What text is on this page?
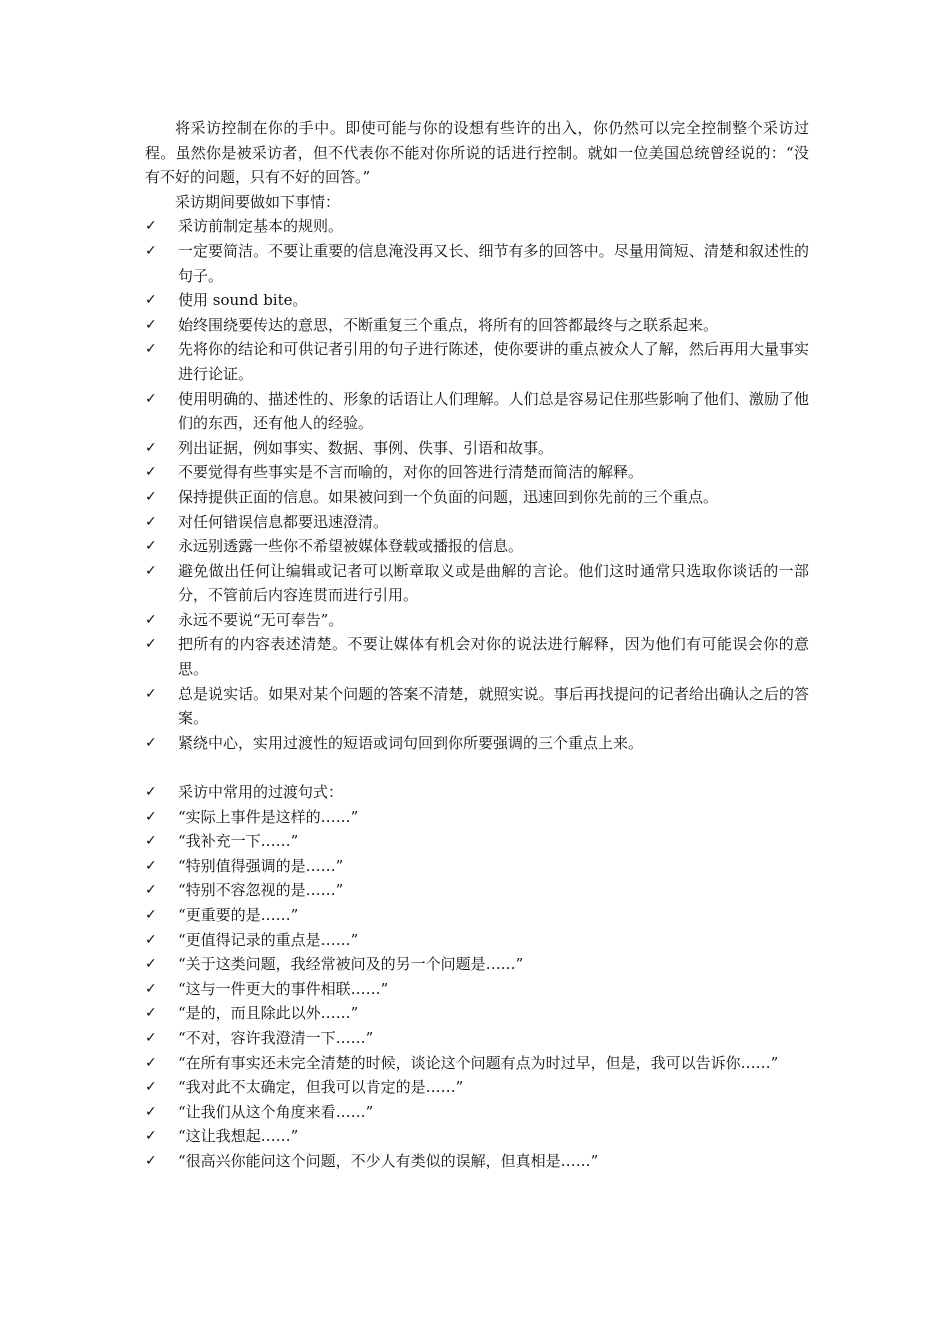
将采访控制在你的手中。即使可能与你的设想有些许的出入，你仍然可以完全控制整个采访过程。虽然你是被采访者，但不代表你不能对你所说的话进行控制。就如一位美国总统曾经说的：“没有不好的问题，只有不好的回答。”

采访期间要做如下事情：

✓	采访前制定基本的规则。
✓	一定要简洁。不要让重要的信息淹没再又长、细节有多的回答中。尽量用简短、清楚和叙述性的句子。
✓	使用 sound bite。
✓	始终围绕要传达的意思，不断重复三个重点，将所有的回答都最终与之联系起来。
✓	先将你的结论和可供记者引用的句子进行陈述，使你要讲的重点被众人了解，然后再用大量事实进行论证。
✓	使用明确的、描述性的、形象的话语让人们理解。人们总是容易记住那些影响了他们、激励了他们的东西，还有他人的经验。
✓	列出证据，例如事实、数据、事例、佚事、引语和故事。
✓	不要觉得有些事实是不言而喻的，对你的回答进行清楚而简洁的解释。
✓	保持提供正面的信息。如果被问到一个负面的问题，迅速回到你先前的三个重点。
✓	对任何错误信息都要迅速澄清。
✓	永远别透露一些你不希望被媒体登载或播报的信息。
✓	避免做出任何让编辑或记者可以断章取义或是曲解的言论。他们这时通常只选取你谈话的一部分，不管前后内容连贯而进行引用。
✓	永远不要说“无可奉告”。
✓	把所有的内容表述清楚。不要让媒体有机会对你的说法进行解释，因为他们有可能误会你的意思。
✓	总是说实话。如果对某个问题的答案不清楚，就照实说。事后再找提问的记者给出确认之后的答案。
✓	紧绕中心，实用过渡性的短语或词句回到你所要强调的三个重点上来。
✓	采访中常用的过渡句式：
✓	“实际上事件是这样的……”
✓	“我补充一下……”
✓	“特别值得强调的是……”
✓	“特别不容忽视的是……”
✓	“更重要的是……”
✓	“更值得记录的重点是……”
✓	“关于这类问题，我经常被问及的另一个问题是……”
✓	“这与一件更大的事件相联……”
✓	“是的，而且除此以外……”
✓	“不对，容许我澄清一下……”
✓	“在所有事实还未完全清楚的时候，谈论这个问题有点为时过早，但是，我可以告诉你……”
✓	“我对此不太确定，但我可以肯定的是……”
✓	“让我们从这个角度来看……”
✓	“这让我想起……”
✓	“很高兴你能问这个问题，不少人有类似的误解，但真相是……”
